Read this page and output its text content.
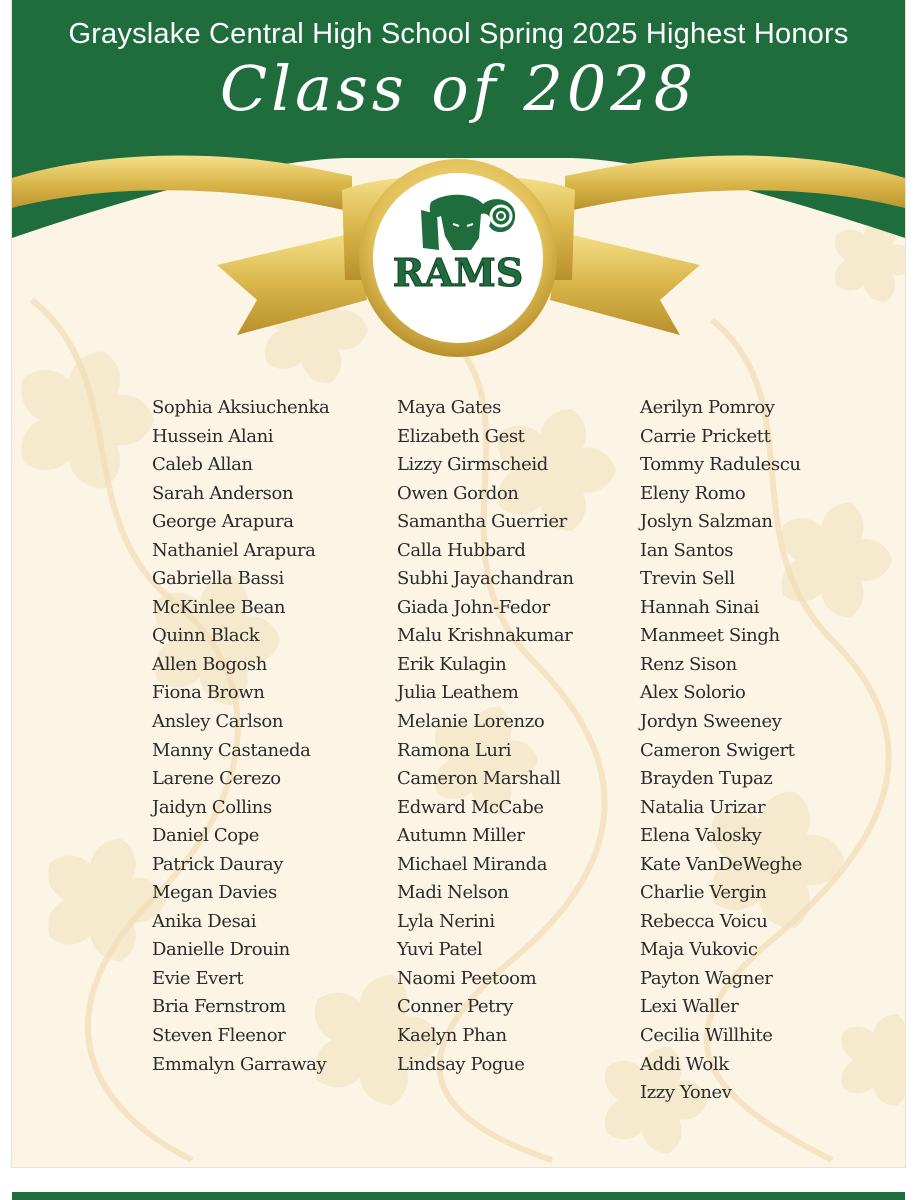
Grayslake Central High School Spring 2025 Highest Honors
Class of 2028
RAMS
Sophia Aksiuchenka
Hussein Alani
Caleb Allan
Sarah Anderson
George Arapura
Nathaniel Arapura
Gabriella Bassi
McKinlee Bean
Quinn Black
Allen Bogosh
Fiona Brown
Ansley Carlson
Manny Castaneda
Larene Cerezo
Jaidyn Collins
Daniel Cope
Patrick Dauray
Megan Davies
Anika Desai
Danielle Drouin
Evie Evert
Bria Fernstrom
Steven Fleenor
Emmalyn Garraway
Maya Gates
Elizabeth Gest
Lizzy Girmscheid
Owen Gordon
Samantha Guerrier
Calla Hubbard
Subhi Jayachandran
Giada John-Fedor
Malu Krishnakumar
Erik Kulagin
Julia Leathem
Melanie Lorenzo
Ramona Luri
Cameron Marshall
Edward McCabe
Autumn Miller
Michael Miranda
Madi Nelson
Lyla Nerini
Yuvi Patel
Naomi Peetoom
Conner Petry
Kaelyn Phan
Lindsay Pogue
Aerilyn Pomroy
Carrie Prickett
Tommy Radulescu
Eleny Romo
Joslyn Salzman
Ian Santos
Trevin Sell
Hannah Sinai
Manmeet Singh
Renz Sison
Alex Solorio
Jordyn Sweeney
Cameron Swigert
Brayden Tupaz
Natalia Urizar
Elena Valosky
Kate VanDeWeghe
Charlie Vergin
Rebecca Voicu
Maja Vukovic
Payton Wagner
Lexi Waller
Cecilia Willhite
Addi Wolk
Izzy Yonev
